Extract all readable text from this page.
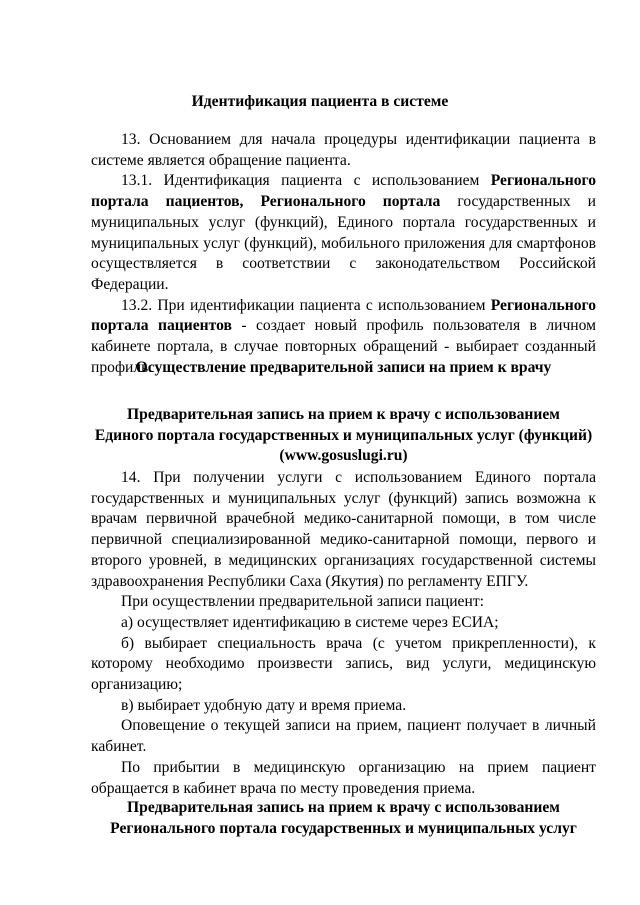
Идентификация пациента в системе

13. Основанием для начала процедуры идентификации пациента в системе является обращение пациента.

13.1. Идентификация пациента с использованием Регионального портала пациентов, Регионального портала государственных и муниципальных услуг (функций), Единого портала государственных и муниципальных услуг (функций), мобильного приложения для смартфонов осуществляется в соответствии с законодательством Российской Федерации.

13.2. При идентификации пациента с использованием Регионального портала пациентов - создает новый профиль пользователя в личном кабинете портала, в случае повторных обращений - выбирает созданный профиль.

Осуществление предварительной записи на прием к врачу
Предварительная запись на прием к врачу с использованием
Единого портала государственных и муниципальных услуг (функций)
(www.gosuslugi.ru)

14. При получении услуги с использованием Единого портала государственных и муниципальных услуг (функций) запись возможна к врачам первичной врачебной медико-санитарной помощи, в том числе первичной специализированной медико-санитарной помощи, первого и второго уровней, в медицинских организациях государственной системы здравоохранения Республики Саха (Якутия) по регламенту ЕПГУ.

При осуществлении предварительной записи пациент:

а) осуществляет идентификацию в системе через ЕСИА;

б) выбирает специальность врача (с учетом прикрепленности), к которому необходимо произвести запись, вид услуги, медицинскую организацию;

в) выбирает удобную дату и время приема.

Оповещение о текущей записи на прием, пациент получает в личный кабинет.

По прибытии в медицинскую организацию на прием пациент обращается в кабинет врача по месту проведения приема.

Предварительная запись на прием к врачу с использованием
Регионального портала государственных и муниципальных услуг
